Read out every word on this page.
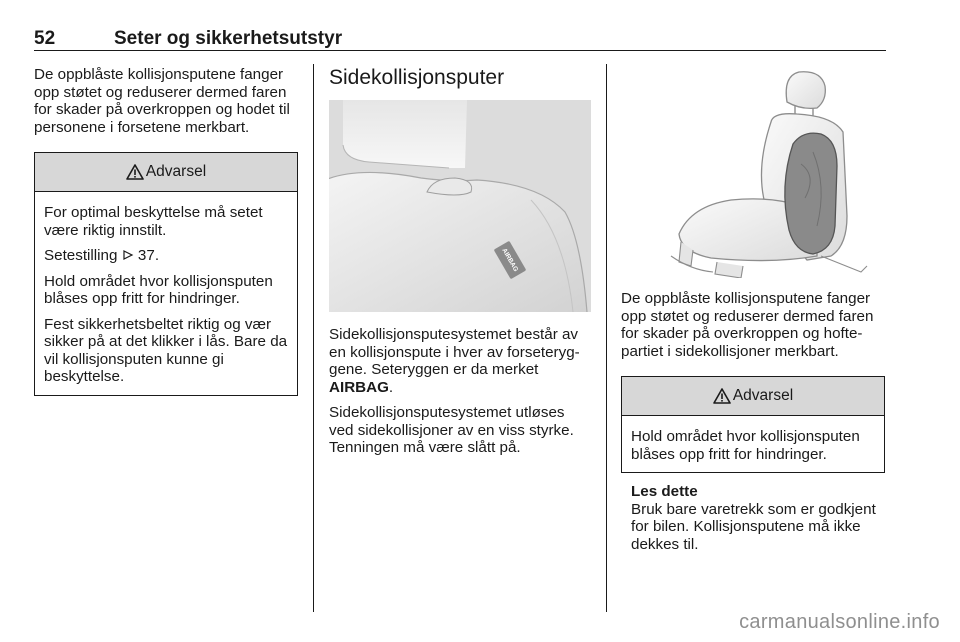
52	Seter og sikkerhetsutstyr

De oppblåste kollisjonsputene fanger opp støtet og reduserer dermed faren for skader på overkroppen og hodet til personene i forsetene merkbart.

Advarsel

For optimal beskyttelse må setet være riktig innstilt.

Setestilling 37.

Hold området hvor kollisjonsputen blåses opp fritt for hindringer.

Fest sikkerhetsbeltet riktig og vær sikker på at det klikker i lås. Bare da vil kollisjonsputen kunne gi beskyttelse.

Sidekollisjonsputer
AIRBAG

Sidekollisjonsputesystemet består av en kollisjonspute i hver av forseteryggene. Seteryggen er da merket AIRBAG.

Sidekollisjonsputesystemet utløses ved sidekollisjoner av en viss styrke. Tenningen må være slått på.

De oppblåste kollisjonsputene fanger opp støtet og reduserer dermed faren for skader på overkroppen og hoftepartiet i sidekollisjoner merkbart.

Advarsel

Hold området hvor kollisjonsputen blåses opp fritt for hindringer.

Les dette
Bruk bare varetrekk som er godkjent for bilen. Kollisjonsputene må ikke dekkes til.
carmanualsonline.info
